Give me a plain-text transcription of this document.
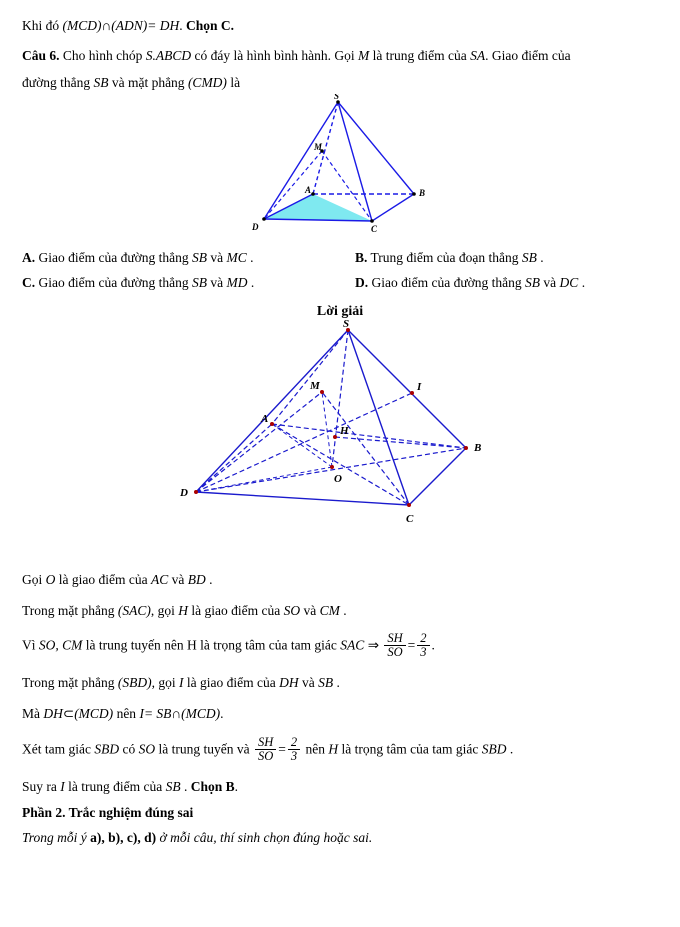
Khi đó (MCD)∩(ADN)= DH. Chọn C.
Câu 6. Cho hình chóp S.ABCD có đáy là hình bình hành. Gọi M là trung điểm của SA. Giao điểm của
đường thẳng SB và mặt phẳng (CMD) là
S
M
A	B
C
D
A. Giao điểm của đường thẳng SB và MC .	B. Trung điểm của đoạn thẳng SB .
C. Giao điểm của đường thẳng SB và MD .	D. Giao điểm của đường thẳng SB và DC .
Lời giải
S
M	I
H
A
O
D
C
B
Gọi O là giao điểm của AC và BD .
Trong mặt phẳng (SAC), gọi H là giao điểm của SO và CM .
Vì SO, CM là trung tuyến nên H là trọng tâm của tam giác SAC ⇒ $\frac{SH}{SO} = \frac{2}{3}$ .
Trong mặt phẳng (SBD), gọi I là giao điểm của DH và SB .
Mà DH⊂(MCD) nên I= SB∩(MCD).
Xét tam giác SBD có SO là trung tuyến và $\frac{SH}{SO} = \frac{2}{3}$ nên H là trọng tâm của tam giác SBD .
Suy ra I là trung điểm của SB . Chọn B.
Phần 2. Trắc nghiệm đúng sai
Trong mỗi ý a), b), c), d) ở mỗi câu, thí sinh chọn đúng hoặc sai.
